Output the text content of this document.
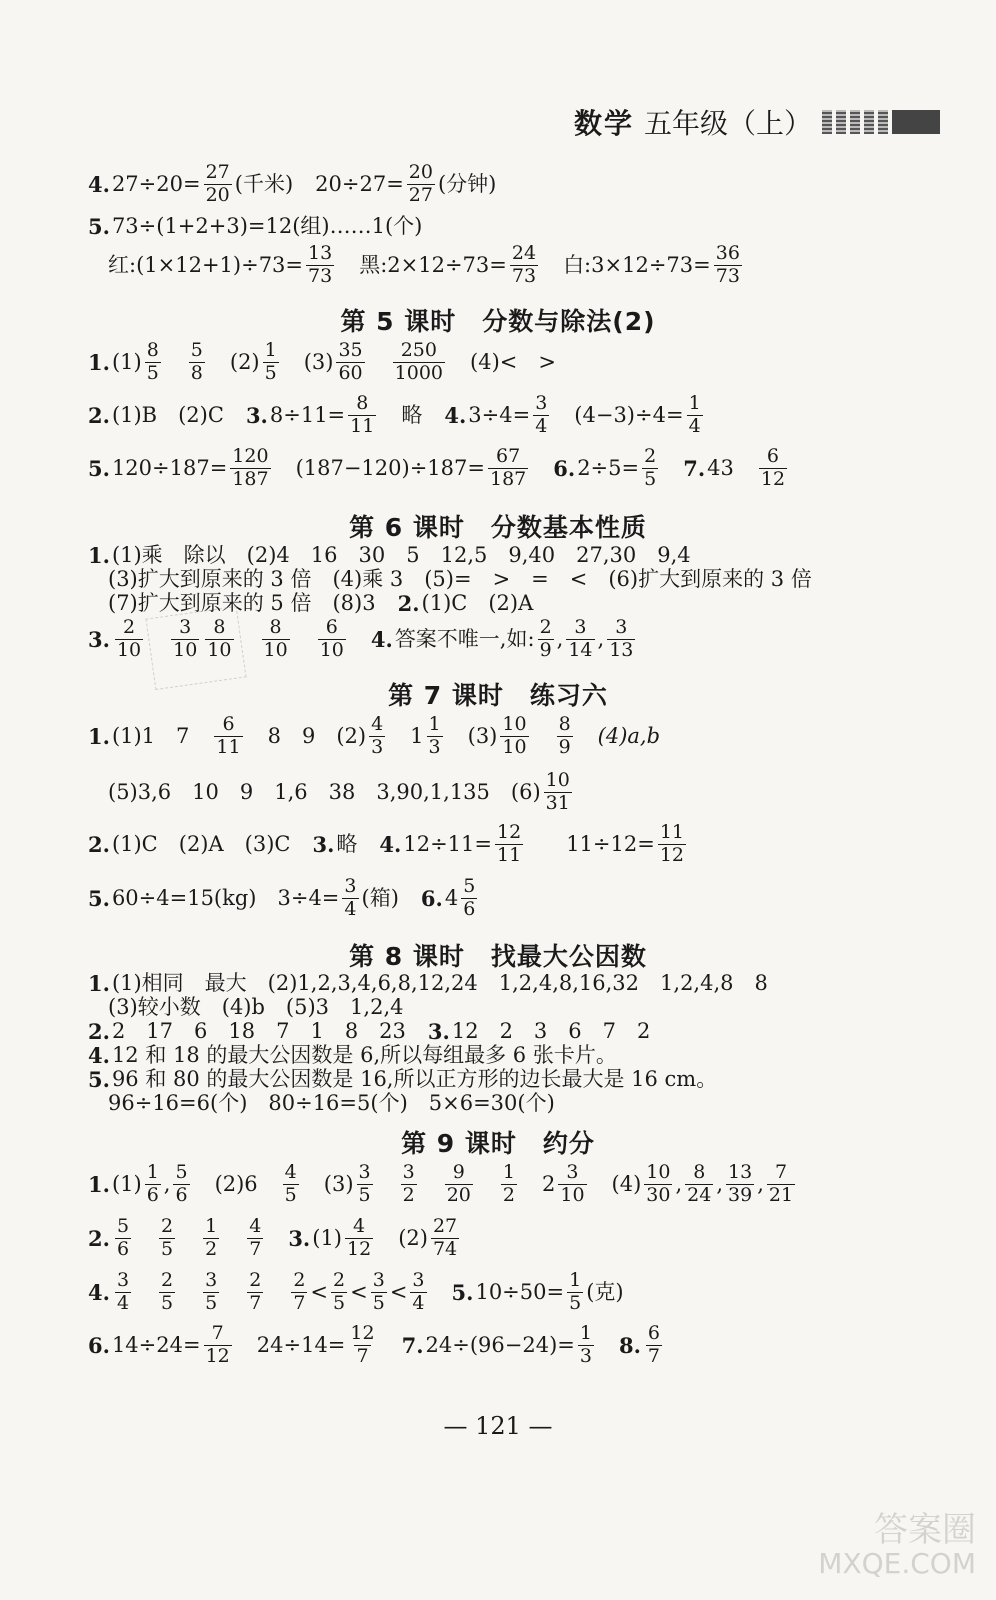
数学 五年级（上）
4. $27\div 20= \frac{27}{20}$ (千米) $20\div 27= \frac{20}{27}$ (分钟)
5. 73÷(1+2+3)=12(组)……1(个)
红:(1×12+1)÷73= $\frac{13}{73}$ 黑:2×12÷73= $\frac{24}{73}$ 白:3×12÷73= $\frac{36}{73}$
第 5 课时　分数与除法(2)
1. (1) 8
5
5
8 (2) 1
5 (3) 35
60
250
1000 (4)<　>
2. (1)B　(2)C 3. $8\div 11= \frac{8}{11}$ 略 4. $3\div 4= \frac{3}{4} (4-3)\div 4= \frac{1}{4}$
5. $120\div 187= \frac{120}{187} (187-120)\div 187= \frac{67}{187} 6$. $2\div 5= \frac{2}{5} 7$. 43 6
12
第 6 课时　分数基本性质
1. (1)乘　除以　(2)4　16　30　5　12,5　9,40　27,30　9,4
(3)扩大到原来的 3 倍　(4)乘 3　(5)=　>　=　<　(6)扩大到原来的 3 倍
(7)扩大到原来的 5 倍　(8)3 2. (1)C　(2)A
3. 2
10
3
10
8
10
8
10
6
10 4. 答案不唯一,如: 2
9 , 3
14 , 3
13
第 7 课时　练习六
1. (1)1　7 6
11 8　9　(2) 4
3 1 1
3 (3) 10
10
8
9 (4)a,b
(5)3,6　10　9　1,6　38　3,90,1,135　(6) 10
31
2. (1)C　(2)A　(3)C 3. 略 4. $12\div 11= \frac{12}{11} 11\div 12= \frac{11}{12}$
5. 60÷4=15(kg)　$3\div 4= \frac{3}{4}$ (箱) 6. 4 5
6
第 8 课时　找最大公因数
1. (1)相同　最大　(2)1,2,3,4,6,8,12,24　1,2,4,8,16,32　1,2,4,8　8
(3)较小数　(4)b　(5)3　1,2,4
2. 2　17　6　18　7　1　8　23 3. 12　2　3　6　7　2
4. 12 和 18 的最大公因数是 6,所以每组最多 6 张卡片。
5. 96 和 80 的最大公因数是 16,所以正方形的边长最大是 16 cm。
96÷16=6(个)　80÷16=5(个)　5×6=30(个)
第 9 课时　约分
1. (1) 1
6 , 5
6 (2)6 4
5 (3) 3
5
3
2
9
20
1
2 2 3
10 (4) 10
30 , 8
24 , 13
39 , 7
21
2. 5
6
2
5
1
2
4
7 3. (1) 4
12 (2) 27
74
4. 3
4
2
5
3
5
2
7
2
7 < 2
5 < 3
5 < 3
4 5. $10\div 50= \frac{1}{5}$ (克)
6. $14\div 24= \frac{7}{12} 24\div 14= \frac{12}{7} 7$. $24\div(96-24)= \frac{1}{3} 8$. 6
7
— 121 —
答案圈
MXQE.COM
